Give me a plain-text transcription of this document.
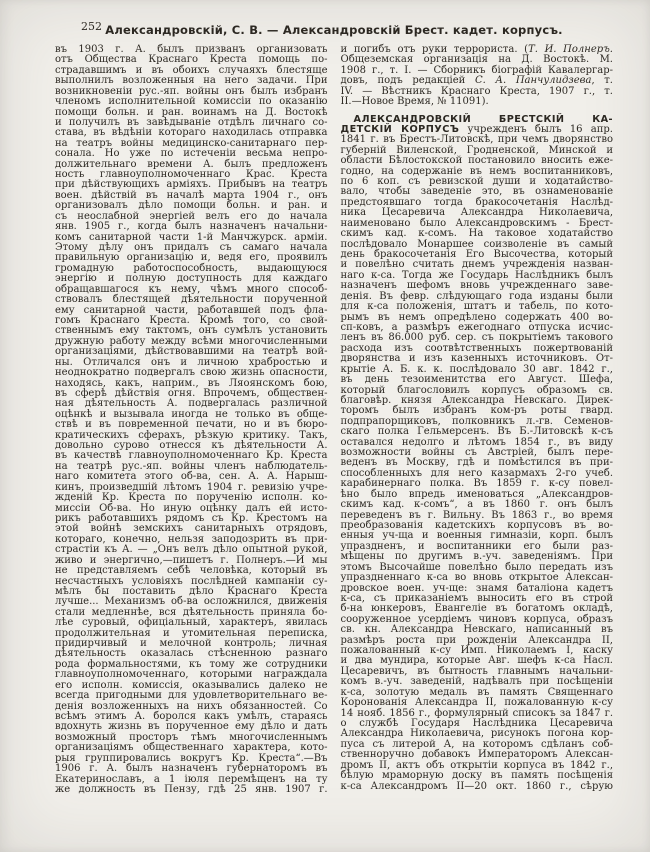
252 Александровскій, С. В. — Александровскій Брест. кадет. корпусъ.
въ 1903 г. А. былъ призванъ организовать
отъ Общества Краснаго Креста помощь по-
страдавшимъ и въ обоихъ случаяхъ блестяще
выполнилъ возложенныя на него задачи. При
возникновеніи рус.-яп. войны онъ былъ избранъ
членомъ исполнительной комиссіи по оказанію
помощи больн. и ран. воинамъ на Д. Востокѣ
и получилъ въ завѣдываніе отдѣлъ личнаго со-
става, въ вѣдѣніи котораго находилась отправка
на театръ войны медицинско-санитарнаго пер-
сонала. Но уже по истеченіи весьма непро-
должительнаго времени А. былъ предложенъ
ность главноуполномоченнаго Крас. Креста
при дѣйствующихъ арміяхъ. Прибывъ на театръ
воен. дѣйствій въ началѣ марта 1904 г., онъ
организовалъ дѣло помощи больн. и ран. и
съ неослабной энергіей велъ его до начала
янв. 1905 г., когда былъ назначенъ начальни-
комъ санитарной части 1-й Манчжурск. арміи.
Этому дѣлу онъ придалъ съ самаго начала
правильную организацію и, ведя его, проявилъ
громадную работоспособность, выдающуюся
энергію и полную доступность для каждаго
обращавшагося къ нему, чѣмъ много способ-
ствовалъ блестящей дѣятельности порученной
ему санитарной части, работавшей подъ фла-
гомъ Краснаго Креста. Кромѣ того, со свой-
ственнымъ ему тактомъ, онъ сумѣлъ установить
дружную работу между всѣми многочисленными
организаціями, дѣйствовавшими на театрѣ вой-
ны. Отличался онъ и личною храбростью и
неоднократно подвергалъ свою жизнь опасности,
находясь, какъ, наприм., въ Ляоянскомъ бою,
въ сферѣ дѣйствія огня. Впрочемъ, обществен-
ная дѣятельность А. подвергалась различной
оцѣнкѣ и вызывала иногда не только въ обще-
ствѣ и въ повременной печати, но и въ бюро-
кратическихъ сферахъ, рѣзкую критику. Такъ,
довольно сурово отнесся къ дѣятельности А.
въ качествѣ главноуполномоченнаго Кр. Креста
на театрѣ рус.-яп. войны членъ наблюдатель-
наго комитета этого об-ва, сен. А. А. Нарыш-
кинъ, произведшій лѣтомъ 1904 г. ревизію учре-
жденій Кр. Креста по порученію исполн. ко-
миссіи Об-ва. Но иную оцѣнку далъ ей исто-
рикъ работавшихъ рядомъ съ Кр. Крестомъ на
этой войнѣ земскихъ санитарныхъ отрядовъ,
котораго, конечно, нельзя заподозрить въ при-
страстіи къ А. — „Онъ велъ дѣло опытной рукой,
живо и энергично,—пишетъ г. Полнеръ.—И мы
не представляемъ себѣ человѣка, который въ
несчастныхъ условіяхъ послѣдней кампаніи су-
мѣлъ бы поставить дѣло Краснаго Креста
лучше... Механизмъ об-ва осложнился, движенія
стали медленнѣе, вся дѣятельность приняла бо-
лѣе суровый, офиціальный, характеръ, явилась
продолжительная и утомительная переписка,
придирчивый и мелочной контроль; личная
дѣятельность оказалась стѣсненною разнаго
рода формальностями, къ тому же сотрудники
главноуполномоченнаго, которыми награждала
его исполн. комиссія, оказывались далеко не
всегда пригодными для удовлетворительнаго ве-
денія возложенныхъ на нихъ обязанностей. Со
всѣмъ этимъ А. боролся какъ умѣлъ, стараясь
вдохнуть жизнь въ порученное ему дѣло и дать
возможный просторъ тѣмъ многочисленнымъ
организаціямъ общественнаго характера, кото-
рыя группировались вокругъ Кр. Креста“.—Въ
1906 г. А. былъ назначенъ губернаторомъ въ
Екатеринославъ, а 1 іюля перемѣщенъ на ту
же должность въ Пензу, гдѣ 25 янв. 1907 г.
и погибъ отъ руки террориста. (Т. И. Полнеръ.
Общеземская организація на Д. Востокѣ. М.
1908 г., т. I. — Сборникъ біографій Кавалергар-
довъ, подъ редакціей С. А. Панчулидзева, т.
IV. — Вѣстникъ Краснаго Креста, 1907 г., т.
II.—Новое Время, № 11091).
АЛЕКСАНДРОВСКІЙ БРЕСТСКІЙ КА-
ДЕТСКІЙ КОРПУСЪ учрежденъ былъ 16 апр.
1841 г. въ Брестъ-Литовскѣ, при чемъ дворянство
губерній Виленской, Гродненской, Минской и
области Бѣлостокской постановило вносить еже-
годно, на содержаніе въ немъ воспитанниковъ,
по 6 коп. съ ревизской души и ходатайство-
вало, чтобы заведеніе это, въ ознаменованіе
предстоявшаго тогда бракосочетанія Наслѣд-
ника Цесаревича Александра Николаевича,
наименовано было Александровскимъ - Брест-
скимъ кад. к-сомъ. На таковое ходатайство
послѣдовало Монаршее соизволеніе въ самый
день бракосочетанія Его Высочества, который
и повелѣно считать днемъ учрежденія назван-
наго к-са. Тогда же Государь Наслѣдникъ былъ
назначенъ шефомъ вновь учрежденнаго заве-
денія. Въ февр. слѣдующаго года изданы были
для к-са положенія, штатъ и табель, по кото-
рымъ въ немъ опредѣлено содержать 400 во-
сп-ковъ, а размѣръ ежегоднаго отпуска исчис-
ленъ въ 86.000 руб. сер. съ покрытіемъ такового
расхода изъ соотвѣтственныхъ пожертвованій
дворянства и изъ казенныхъ источниковъ. От-
крытіе А. Б. к. к. послѣдовало 30 авг. 1842 г.,
въ день тезоименитства его Август. Шефа,
который благословилъ корпусъ образомъ св.
благовѣр. князя Александра Невскаго. Дирек-
торомъ былъ избранъ ком-ръ роты гвард.
подпрапорщиковъ, полковникъ л.-гв. Семенов-
скаго полка Гельмерсенъ. Въ Б.-Литовскѣ к-съ
оставался недолго и лѣтомъ 1854 г., въ виду
возможности войны съ Австріей, былъ пере-
веденъ въ Москву, гдѣ и помѣстился въ при-
способленныхъ для него казармахъ 2-го учеб.
карабинернаго полка. Въ 1859 г. к-су повел-
ѣно было впредь именоваться „Александров-
скимъ кад. к-сомъ“, а въ 1860 г. онъ былъ
переведенъ въ г. Вильну. Въ 1863 г., во время
преобразованія кадетскихъ корпусовъ въ во-
енныя уч-ща и военныя гимназіи, корп. былъ
упраздненъ, и воспитанники его были раз-
мѣщены по другимъ в.-уч. заведеніямъ. При
этомъ Высочайше повелѣно было передать изъ
упраздненнаго к-са во вновь открытое Алексан-
дровское воен. уч-ще: знамя баталіона кадетъ
к-са, съ приказаніемъ выносить его въ строй
б-на юнкеровъ, Евангеліе въ богатомъ окладѣ,
сооруженное усердіемъ чиновъ корпуса, образъ
св. кн. Александра Невскаго, написанный въ
размѣръ роста при рожденіи Александра II,
пожалованный к-су Имп. Николаемъ I, каску
и два мундира, которые Авг. шефъ к-са Насл.
Цесаревичъ, въ бытность главнымъ начальни-
комъ в.-уч. заведеній, надѣвалъ при посѣщеніи
к-са, золотую медаль въ память Священнаго
Коронованія Александра II, пожалованную к-су
14 нояб. 1856 г., формулярный списокъ за 1847 г.
о службѣ Государя Наслѣдника Цесаревича
Александра Николаевича, рисунокъ погона кор-
пуса съ литерой А, на которомъ сдѣланъ соб-
ственноручно добавокъ Императоромъ Алексан-
дромъ II, актъ объ открытіи корпуса въ 1842 г.,
бѣлую мраморную доску въ память посѣщенія
к-са Александромъ II—20 окт. 1860 г., сѣрую
